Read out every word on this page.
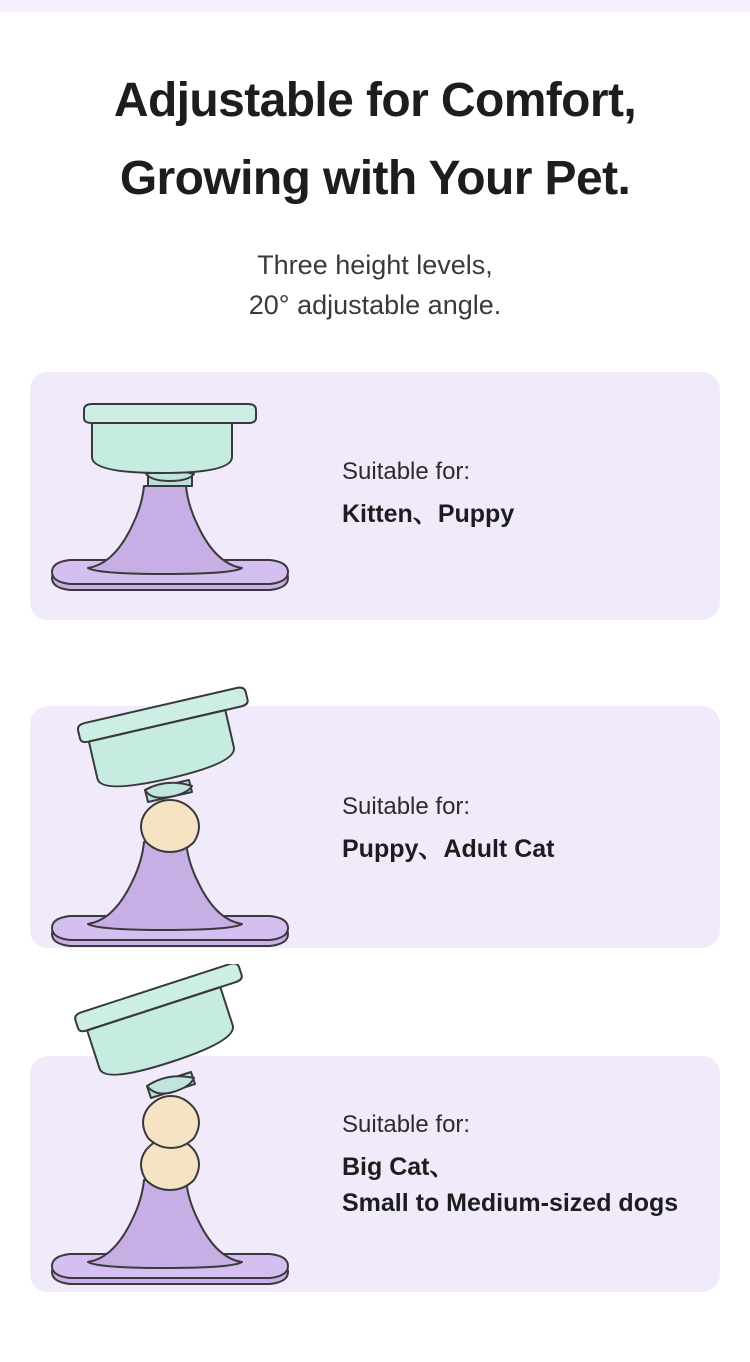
Adjustable for Comfort,
Growing with Your Pet.
Three height levels,
20° adjustable angle.
Suitable for:
Kitten、Puppy
Suitable for:
Puppy、Adult Cat
Suitable for:
Big Cat、
Small to Medium-sized dogs
